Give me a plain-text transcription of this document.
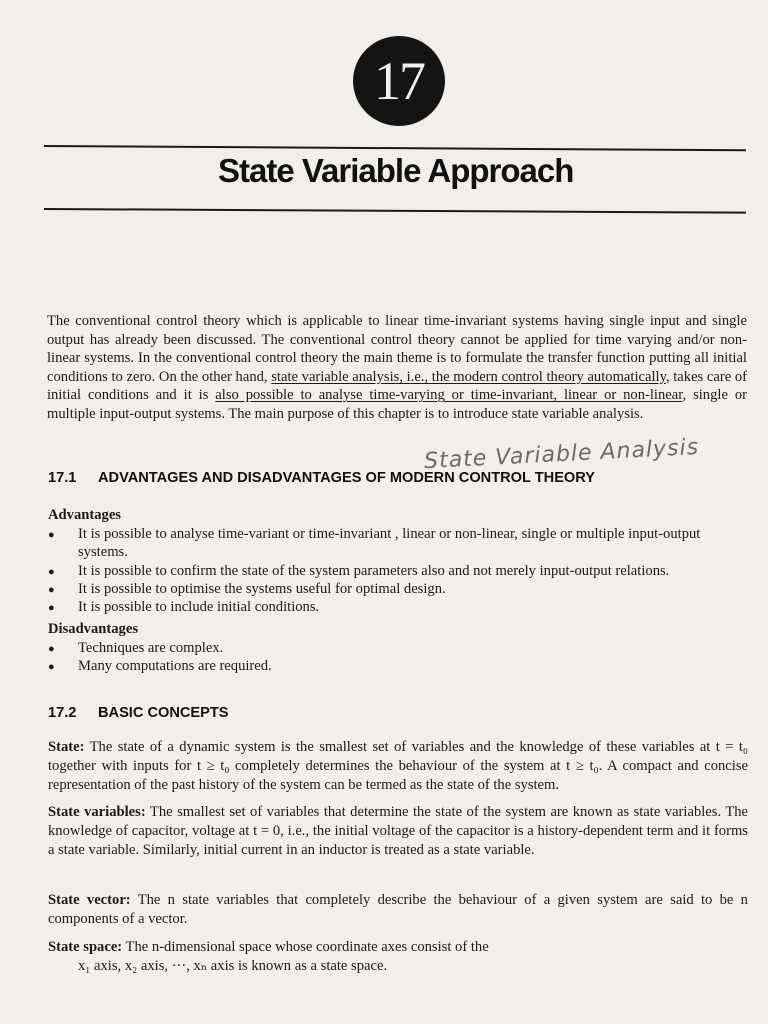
17
State Variable Approach

The conventional control theory which is applicable to linear time-invariant systems having single input and single output has already been discussed. The conventional control theory cannot be applied for time varying and/or non-linear systems. In the conventional control theory the main theme is to formulate the transfer function putting all initial conditions to zero. On the other hand, state variable analysis, i.e., the modern control theory automatically, takes care of initial conditions and it is also possible to analyse time-varying or time-invariant, linear or non-linear, single or multiple input-output systems. The main purpose of this chapter is to introduce state variable analysis.

State Variable Analysis
17.1 ADVANTAGES AND DISADVANTAGES OF MODERN CONTROL THEORY
Advantages
● It is possible to analyse time-variant or time-invariant , linear or non-linear, single or multiple input-output systems.
● It is possible to confirm the state of the system parameters also and not merely input-output relations.
● It is possible to optimise the systems useful for optimal design.
● It is possible to include initial conditions.
Disadvantages
● Techniques are complex.
● Many computations are required.
17.2 BASIC CONCEPTS
State: The state of a dynamic system is the smallest set of variables and the knowledge of these variables at t = t₀ together with inputs for t ≥ t₀ completely determines the behaviour of the system at t ≥ t₀. A compact and concise representation of the past history of the system can be termed as the state of the system.
State variables: The smallest set of variables that determine the state of the system are known as state variables. The knowledge of capacitor, voltage at t = 0, i.e., the initial voltage of the capacitor is a history-dependent term and it forms a state variable. Similarly, initial current in an inductor is treated as a state variable.
State vector: The n state variables that completely describe the behaviour of a given system are said to be n components of a vector.
State space: The n-dimensional space whose coordinate axes consist of the
x₁ axis, x₂ axis, ···, xₙ axis is known as a state space.
